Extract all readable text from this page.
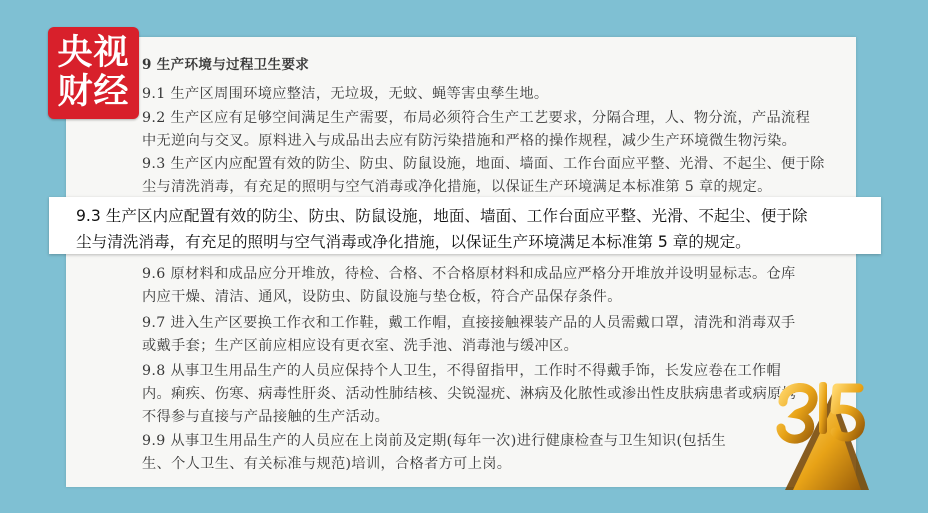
9 生产环境与过程卫生要求
9.1 生产区周围环境应整洁，无垃圾，无蚊、蝇等害虫孳生地。
9.2 生产区应有足够空间满足生产需要，布局必须符合生产工艺要求，分隔合理，人、物分流，产品流程
中无逆向与交叉。原料进入与成品出去应有防污染措施和严格的操作规程，减少生产环境微生物污染。
9.3 生产区内应配置有效的防尘、防虫、防鼠设施，地面、墙面、工作台面应平整、光滑、不起尘、便于除
尘与清洗消毒，有充足的照明与空气消毒或净化措施，以保证生产环境满足本标准第 5 章的规定。
9.6 原材料和成品应分开堆放，待检、合格、不合格原材料和成品应严格分开堆放并设明显标志。仓库
内应干燥、清洁、通风，设防虫、防鼠设施与垫仓板，符合产品保存条件。
9.7 进入生产区要换工作衣和工作鞋，戴工作帽，直接接触裸装产品的人员需戴口罩，清洗和消毒双手
或戴手套；生产区前应相应设有更衣室、洗手池、消毒池与缓冲区。
9.8 从事卫生用品生产的人员应保持个人卫生，不得留指甲，工作时不得戴手饰，长发应卷在工作帽
内。痢疾、伤寒、病毒性肝炎、活动性肺结核、尖锐湿疣、淋病及化脓性或渗出性皮肤病患者或病原携
不得参与直接与产品接触的生产活动。
9.9 从事卫生用品生产的人员应在上岗前及定期(每年一次)进行健康检查与卫生知识(包括生
生、个人卫生、有关标准与规范)培训，合格者方可上岗。
9.3 生产区内应配置有效的防尘、防虫、防鼠设施，地面、墙面、工作台面应平整、光滑、不起尘、便于除
尘与清洗消毒，有充足的照明与空气消毒或净化措施，以保证生产环境满足本标准第 5 章的规定。
央视
财经
